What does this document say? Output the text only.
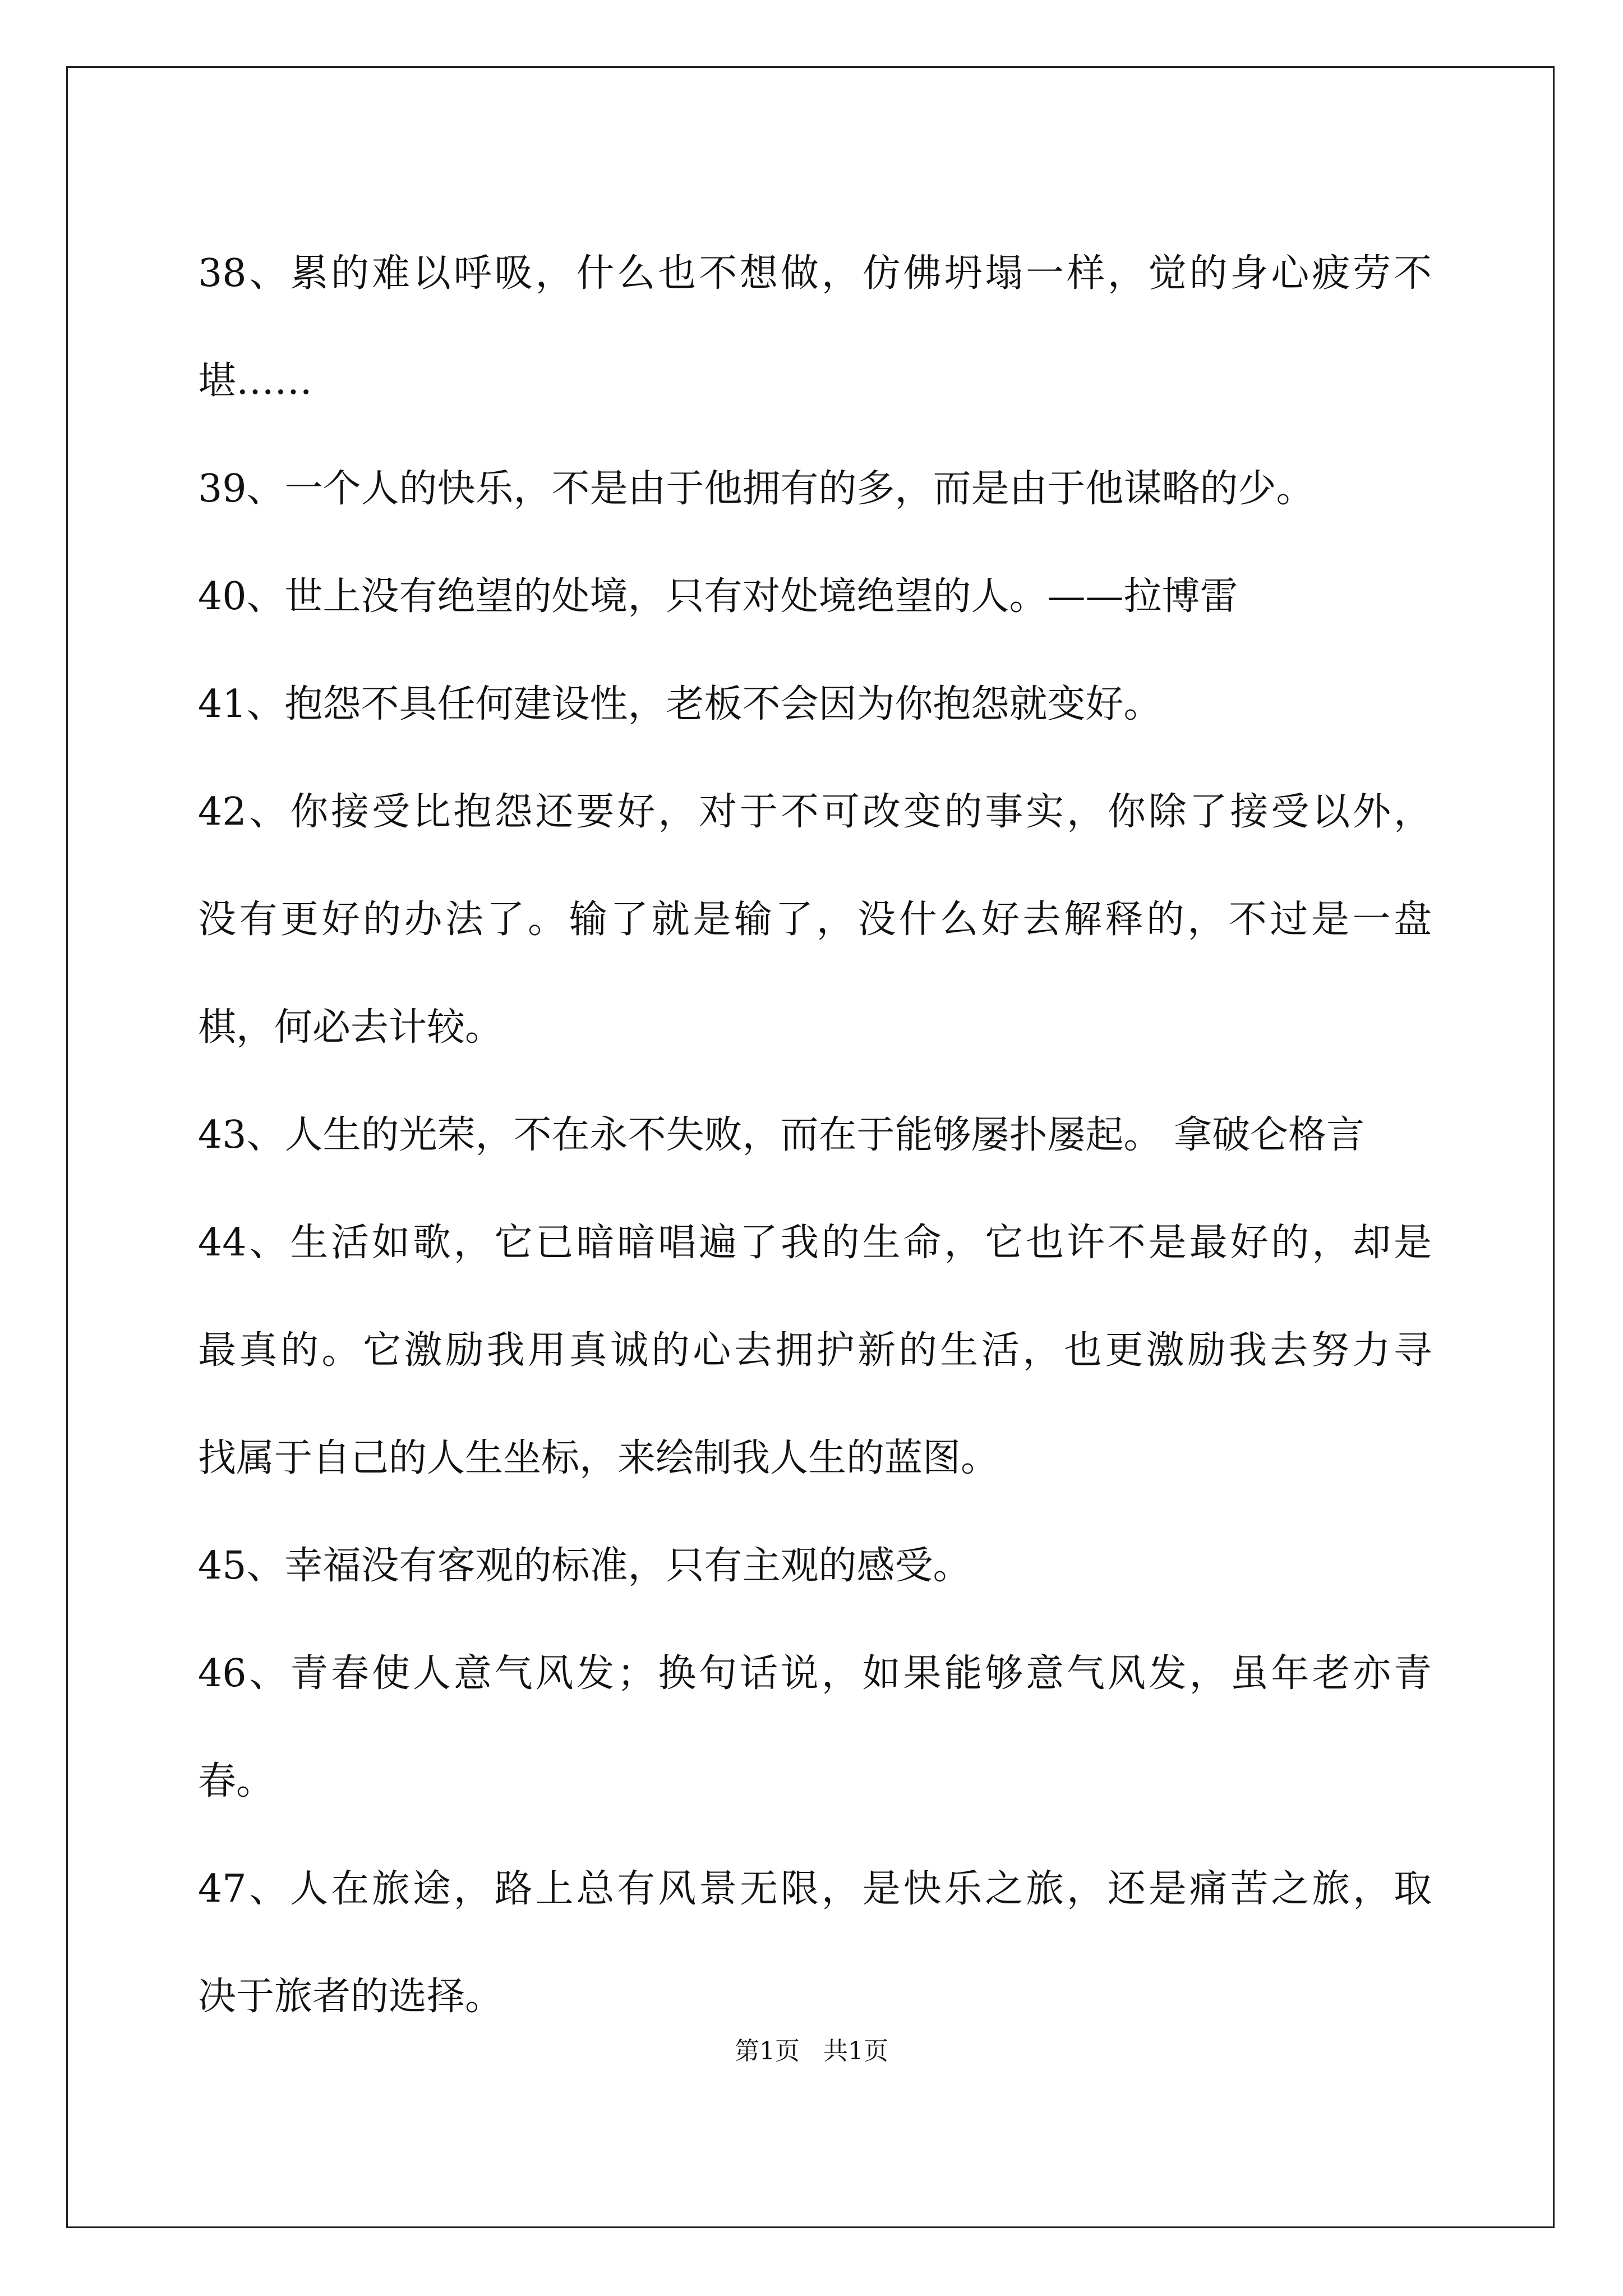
38、累的难以呼吸，什么也不想做，仿佛坍塌一样，觉的身心疲劳不
堪……

39、一个人的快乐，不是由于他拥有的多，而是由于他谋略的少。

40、世上没有绝望的处境，只有对处境绝望的人。——拉博雷

41、抱怨不具任何建设性，老板不会因为你抱怨就变好。

42、你接受比抱怨还要好，对于不可改变的事实，你除了接受以外，
没有更好的办法了。输了就是输了，没什么好去解释的，不过是一盘
棋，何必去计较。

43、人生的光荣，不在永不失败，而在于能够屡扑屡起。 拿破仑格言

44、生活如歌，它已暗暗唱遍了我的生命，它也许不是最好的，却是
最真的。它激励我用真诚的心去拥护新的生活，也更激励我去努力寻
找属于自己的人生坐标，来绘制我人生的蓝图。

45、幸福没有客观的标准，只有主观的感受。

46、青春使人意气风发；换句话说，如果能够意气风发，虽年老亦青
春。

47、人在旅途，路上总有风景无限，是快乐之旅，还是痛苦之旅，取
决于旅者的选择。

第1页   共1页
